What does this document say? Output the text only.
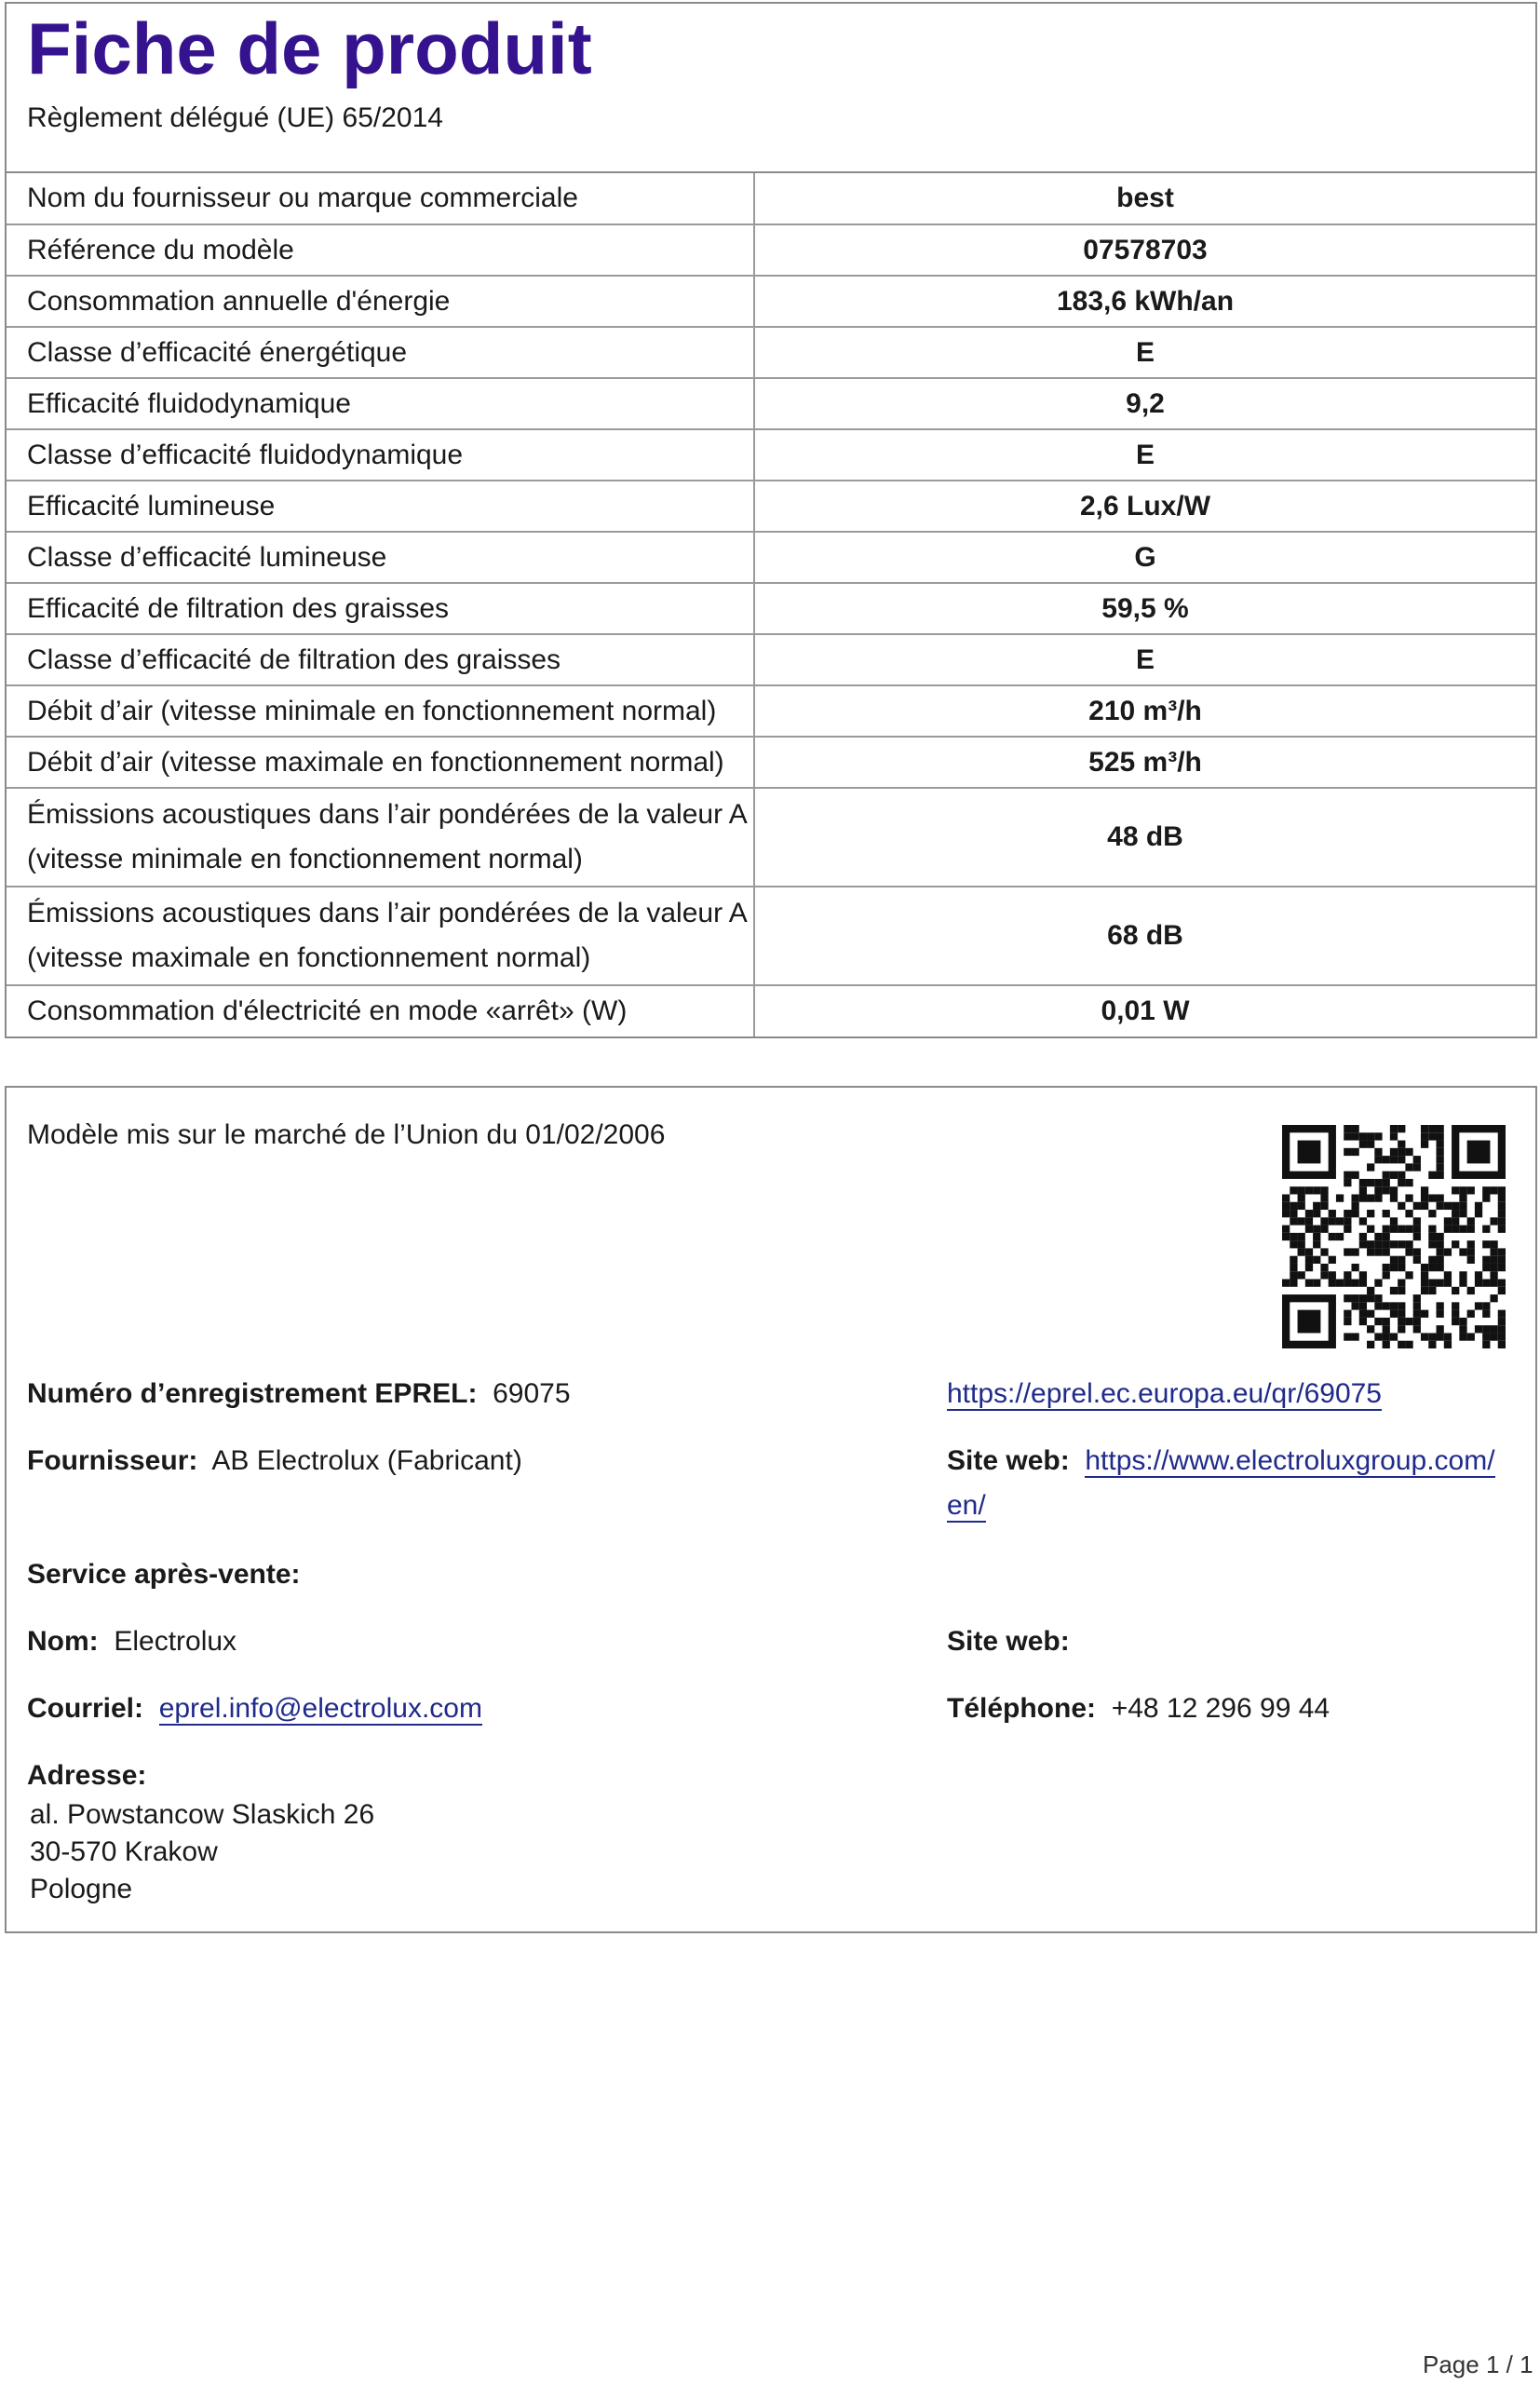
Fiche de produit
Règlement délégué (UE) 65/2014
Nom du fournisseur ou marque commerciale	best
Référence du modèle	07578703
Consommation annuelle d'énergie	183,6 kWh/an
Classe d’efficacité énergétique	E
Efficacité fluidodynamique	9,2
Classe d’efficacité fluidodynamique	E
Efficacité lumineuse	2,6 Lux/W
Classe d’efficacité lumineuse	G
Efficacité de filtration des graisses	59,5 %
Classe d’efficacité de filtration des graisses	E
Débit d’air (vitesse minimale en fonctionnement normal)	210 m³/h
Débit d’air (vitesse maximale en fonctionnement normal)	525 m³/h
Émissions acoustiques dans l’air pondérées de la valeur A
(vitesse minimale en fonctionnement normal)	48 dB
Émissions acoustiques dans l’air pondérées de la valeur A
(vitesse maximale en fonctionnement normal)	68 dB
Consommation d'électricité en mode «arrêt» (W)	0,01 W
Modèle mis sur le marché de l’Union du 01/02/2006
Numéro d’enregistrement EPREL: 69075	https://eprel.ec.europa.eu/qr/69075
Fournisseur: AB Electrolux (Fabricant)	Site web: https://www.electroluxgroup.com/
en/
Service après-vente:
Nom: Electrolux	Site web:
Courriel: eprel.info@electrolux.com	Téléphone: +48 12 296 99 44
Adresse:
al. Powstancow Slaskich 26
30-570 Krakow
Pologne
Page 1 / 1
